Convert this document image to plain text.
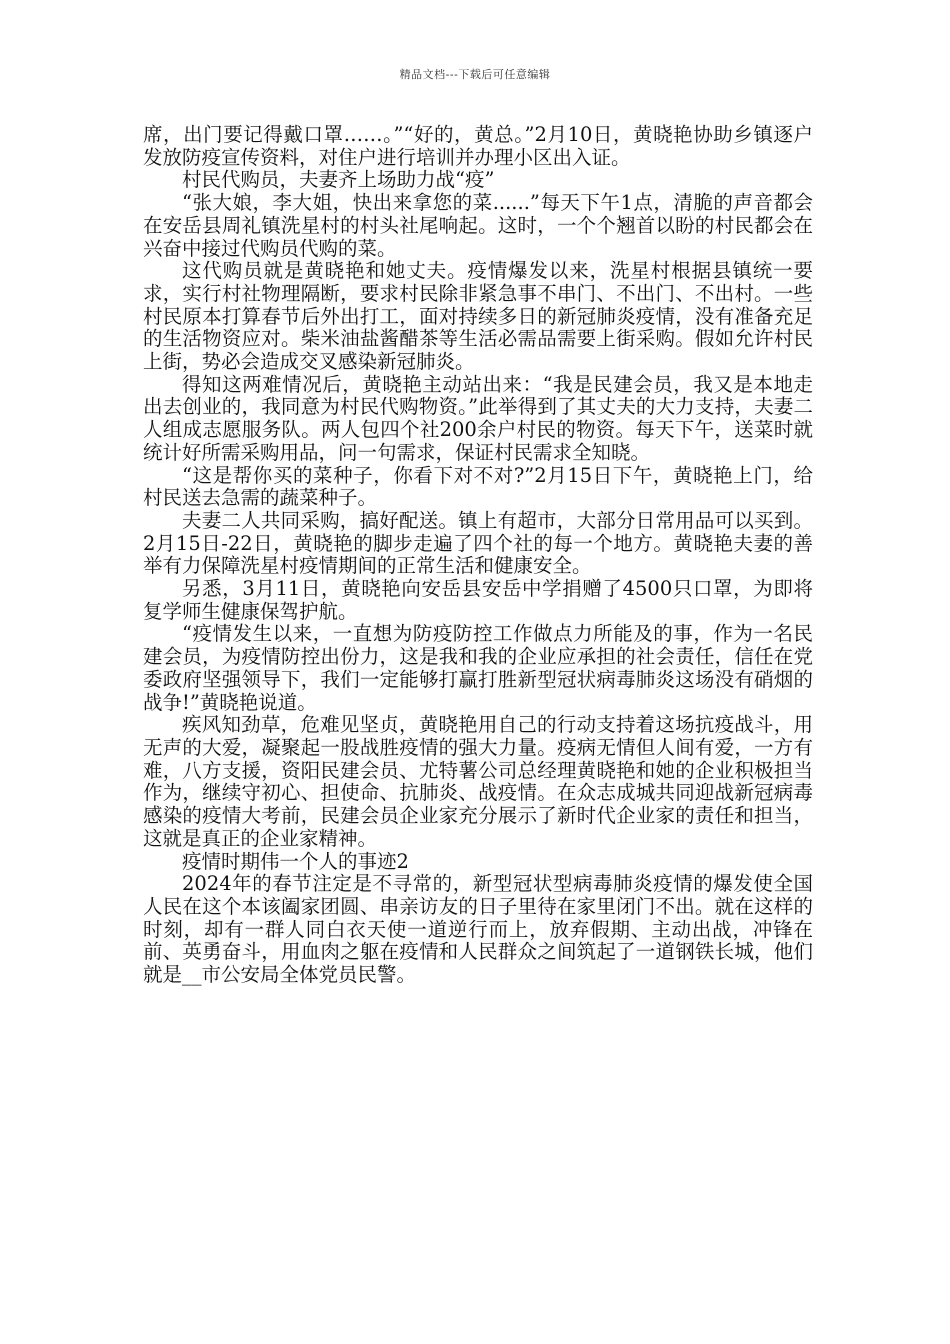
精品文档---下载后可任意编辑

席，出门要记得戴口罩……。”“好的，黄总。”2月10日，黄晓艳协助乡镇逐户发放防疫宣传资料，对住户进行培训并办理小区出入证。

村民代购员，夫妻齐上场助力战“疫”

“张大娘，李大姐，快出来拿您的菜......”每天下午1点，清脆的声音都会在安岳县周礼镇洗星村的村头社尾响起。这时，一个个翘首以盼的村民都会在兴奋中接过代购员代购的菜。

这代购员就是黄晓艳和她丈夫。疫情爆发以来，洗星村根据县镇统一要求，实行村社物理隔断，要求村民除非紧急事不串门、不出门、不出村。一些村民原本打算春节后外出打工，面对持续多日的新冠肺炎疫情，没有准备充足的生活物资应对。柴米油盐酱醋茶等生活必需品需要上街采购。假如允许村民上街，势必会造成交叉感染新冠肺炎。

得知这两难情况后，黄晓艳主动站出来：“我是民建会员，我又是本地走出去创业的，我同意为村民代购物资。”此举得到了其丈夫的大力支持，夫妻二人组成志愿服务队。两人包四个社200余户村民的物资。每天下午，送菜时就统计好所需采购用品，问一句需求，保证村民需求全知晓。

“这是帮你买的菜种子，你看下对不对?”2月15日下午，黄晓艳上门，给村民送去急需的蔬菜种子。

夫妻二人共同采购，搞好配送。镇上有超市，大部分日常用品可以买到。2月15日-22日，黄晓艳的脚步走遍了四个社的每一个地方。黄晓艳夫妻的善举有力保障洗星村疫情期间的正常生活和健康安全。

另悉，3月11日，黄晓艳向安岳县安岳中学捐赠了4500只口罩，为即将复学师生健康保驾护航。

“疫情发生以来，一直想为防疫防控工作做点力所能及的事，作为一名民建会员，为疫情防控出份力，这是我和我的企业应承担的社会责任，信任在党委政府坚强领导下，我们一定能够打赢打胜新型冠状病毒肺炎这场没有硝烟的战争!”黄晓艳说道。

疾风知劲草，危难见坚贞，黄晓艳用自己的行动支持着这场抗疫战斗，用无声的大爱，凝聚起一股战胜疫情的强大力量。疫病无情但人间有爱，一方有难，八方支援，资阳民建会员、尤特薯公司总经理黄晓艳和她的企业积极担当作为，继续守初心、担使命、抗肺炎、战疫情。在众志成城共同迎战新冠病毒感染的疫情大考前，民建会员企业家充分展示了新时代企业家的责任和担当，这就是真正的企业家精神。

疫情时期伟一个人的事迹2

2024年的春节注定是不寻常的，新型冠状型病毒肺炎疫情的爆发使全国人民在这个本该阖家团圆、串亲访友的日子里待在家里闭门不出。就在这样的时刻，却有一群人同白衣天使一道逆行而上，放弃假期、主动出战，冲锋在前、英勇奋斗，用血肉之躯在疫情和人民群众之间筑起了一道钢铁长城，他们就是__市公安局全体党员民警。
